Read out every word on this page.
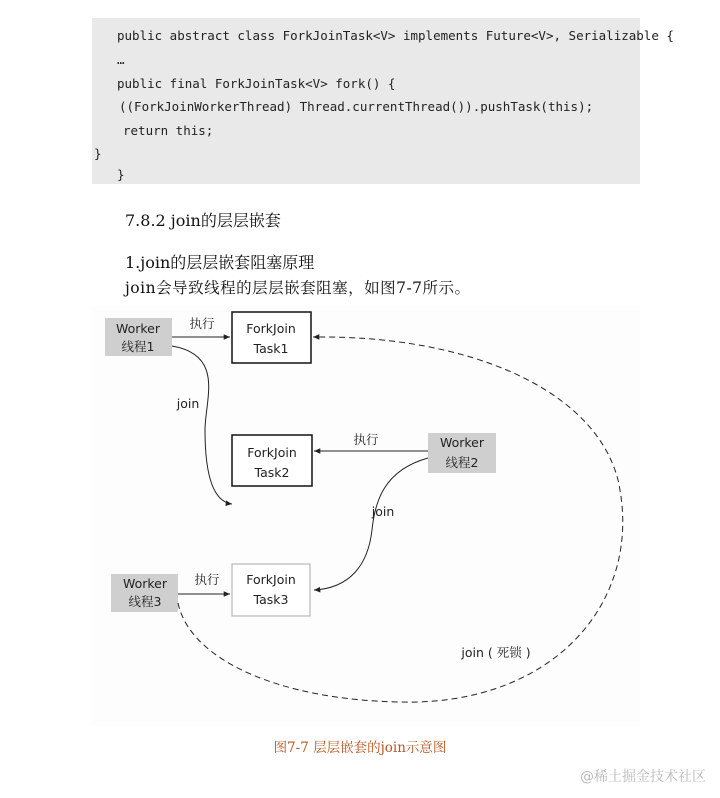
public abstract class ForkJoinTask<V> implements Future<V>, Serializable {
…
public final ForkJoinTask<V> fork() {
((ForkJoinWorkerThread) Thread.currentThread()).pushTask(this);
return this;
}
}
7.8.2 join的层层嵌套
1.join的层层嵌套阻塞原理
join会导致线程的层层嵌套阻塞，如图7-7所示。
Worker
线程1
Worker
线程2
Worker
线程3
ForkJoin
Task1
ForkJoin
Task2
ForkJoin
Task3
执行
执行
执行
join
join
join ( 死锁 )
图7-7 层层嵌套的join示意图
@稀土掘金技术社区
